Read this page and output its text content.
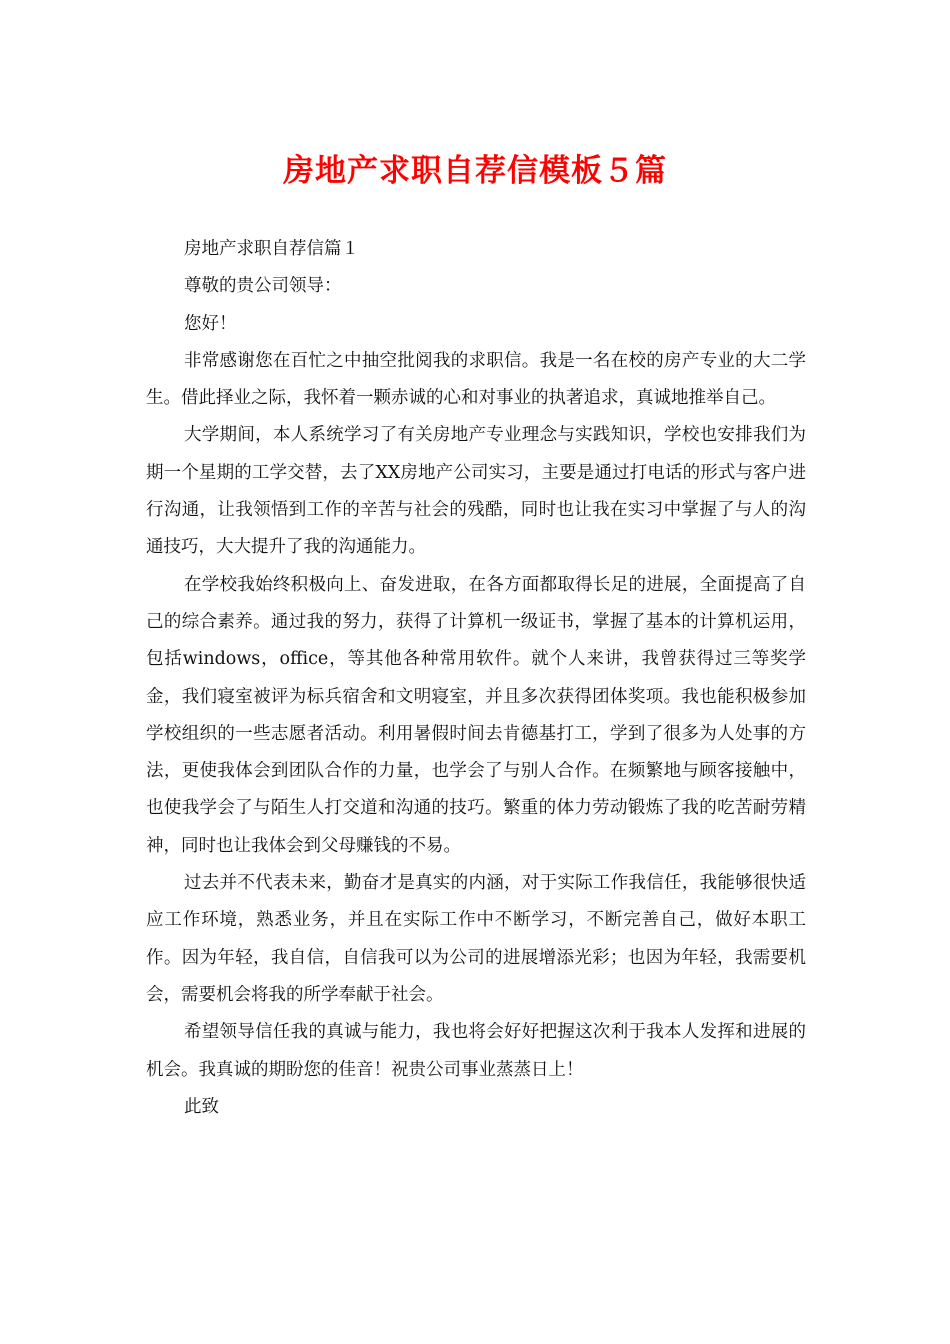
房地产求职自荐信模板５篇

房地产求职自荐信篇１

尊敬的贵公司领导：

您好！

非常感谢您在百忙之中抽空批阅我的求职信。我是一名在校的房产专业的大二学生。借此择业之际，我怀着一颗赤诚的心和对事业的执著追求，真诚地推举自己。

大学期间，本人系统学习了有关房地产专业理念与实践知识，学校也安排我们为期一个星期的工学交替，去了XX房地产公司实习，主要是通过打电话的形式与客户进行沟通，让我领悟到工作的辛苦与社会的残酷，同时也让我在实习中掌握了与人的沟通技巧，大大提升了我的沟通能力。

在学校我始终积极向上、奋发进取，在各方面都取得长足的进展，全面提高了自己的综合素养。通过我的努力，获得了计算机一级证书，掌握了基本的计算机运用，包括windows，office，等其他各种常用软件。就个人来讲，我曾获得过三等奖学金，我们寝室被评为标兵宿舍和文明寝室，并且多次获得团体奖项。我也能积极参加学校组织的一些志愿者活动。利用暑假时间去肯德基打工，学到了很多为人处事的方法，更使我体会到团队合作的力量，也学会了与别人合作。在频繁地与顾客接触中，也使我学会了与陌生人打交道和沟通的技巧。繁重的体力劳动锻炼了我的吃苦耐劳精神，同时也让我体会到父母赚钱的不易。

过去并不代表未来，勤奋才是真实的内涵，对于实际工作我信任，我能够很快适应工作环境，熟悉业务，并且在实际工作中不断学习，不断完善自己，做好本职工作。因为年轻，我自信，自信我可以为公司的进展增添光彩；也因为年轻，我需要机会，需要机会将我的所学奉献于社会。

希望领导信任我的真诚与能力，我也将会好好把握这次利于我本人发挥和进展的机会。我真诚的期盼您的佳音！祝贵公司事业蒸蒸日上！

此致
